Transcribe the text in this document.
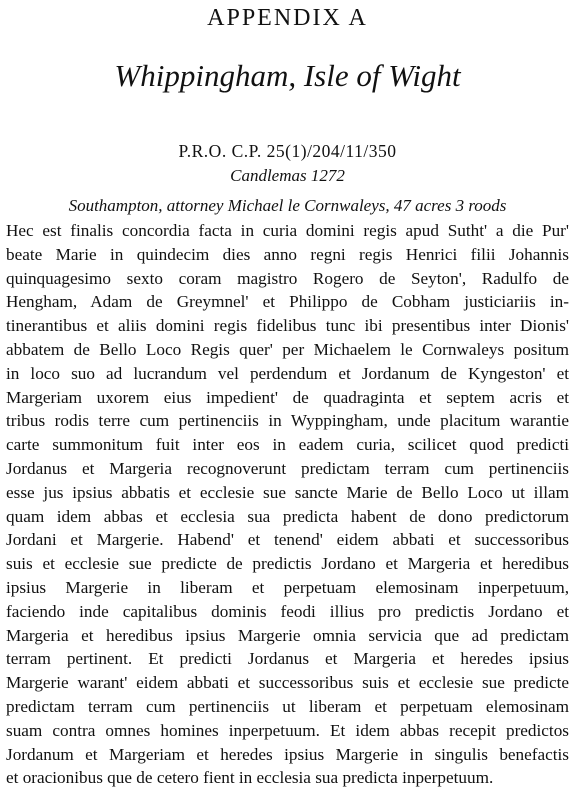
APPENDIX A
Whippingham, Isle of Wight
P.R.O. C.P. 25(1)/204/11/350
Candlemas 1272
Southampton, attorney Michael le Cornwaleys, 47 acres 3 roods
Hec est finalis concordia facta in curia domini regis apud Sutht' a die Pur'
beate Marie in quindecim dies anno regni regis Henrici filii Johannis
quinquagesimo sexto coram magistro Rogero de Seyton', Radulfo de
Hengham, Adam de Greymnel' et Philippo de Cobham justiciariis in-
tinerantibus et aliis domini regis fidelibus tunc ibi presentibus inter Dionis'
abbatem de Bello Loco Regis quer' per Michaelem le Cornwaleys positum
in loco suo ad lucrandum vel perdendum et Jordanum de Kyngeston' et
Margeriam uxorem eius impedient' de quadraginta et septem acris et
tribus rodis terre cum pertinenciis in Wyppingham, unde placitum warantie
carte summonitum fuit inter eos in eadem curia, scilicet quod predicti
Jordanus et Margeria recognoverunt predictam terram cum pertinenciis
esse jus ipsius abbatis et ecclesie sue sancte Marie de Bello Loco ut illam
quam idem abbas et ecclesia sua predicta habent de dono predictorum
Jordani et Margerie. Habend' et tenend' eidem abbati et successoribus
suis et ecclesie sue predicte de predictis Jordano et Margeria et heredibus
ipsius Margerie in liberam et perpetuam elemosinam inperpetuum,
faciendo inde capitalibus dominis feodi illius pro predictis Jordano et
Margeria et heredibus ipsius Margerie omnia servicia que ad predictam
terram pertinent. Et predicti Jordanus et Margeria et heredes ipsius
Margerie warant' eidem abbati et successoribus suis et ecclesie sue predicte
predictam terram cum pertinenciis ut liberam et perpetuam elemosinam
suam contra omnes homines inperpetuum. Et idem abbas recepit predictos
Jordanum et Margeriam et heredes ipsius Margerie in singulis benefactis
et oracionibus que de cetero fient in ecclesia sua predicta inperpetuum.
